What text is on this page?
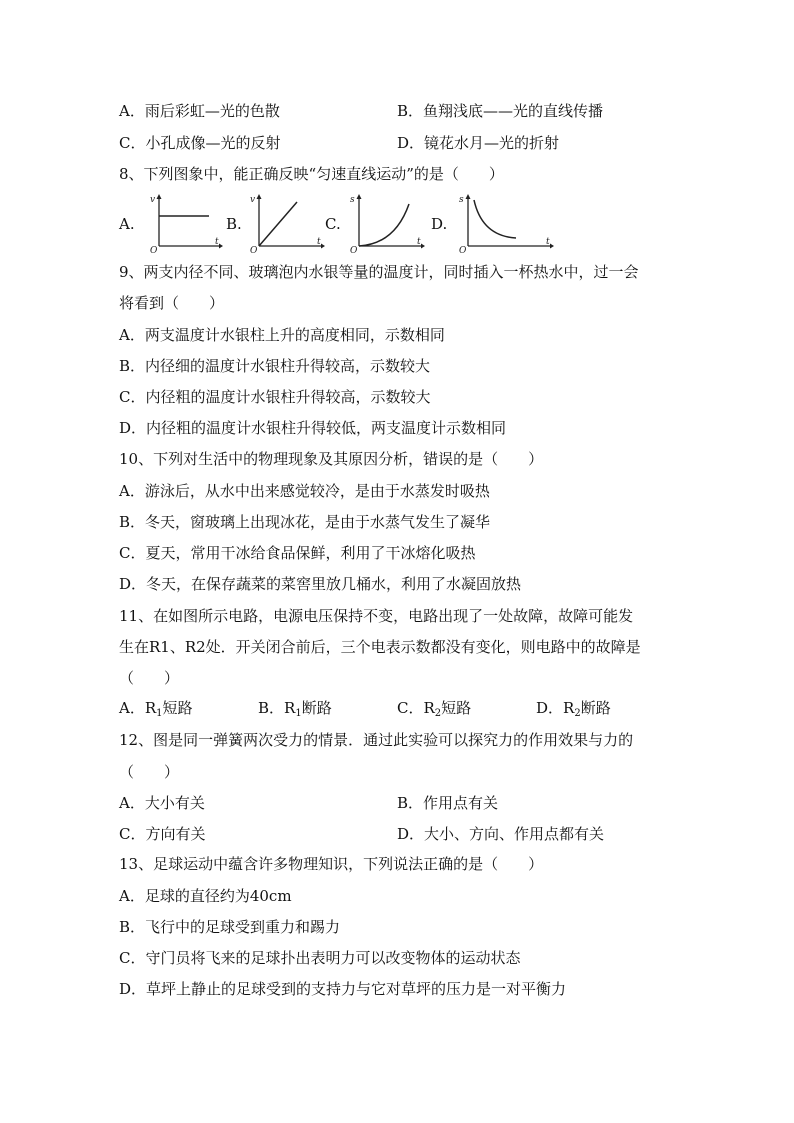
A．雨后彩虹—光的色散	B．鱼翔浅底——光的直线传播
C．小孔成像—光的反射	D．镜花水月—光的折射
8、下列图象中，能正确反映“匀速直线运动”的是（　　）
A.
v
t
O
B.
v
t
O
C.
s
t
O
D.
s
t
O
9、两支内径不同、玻璃泡内水银等量的温度计，同时插入一杯热水中，过一会
将看到（　　）
A．两支温度计水银柱上升的高度相同，示数相同
B．内径细的温度计水银柱升得较高，示数较大
C．内径粗的温度计水银柱升得较高，示数较大
D．内径粗的温度计水银柱升得较低，两支温度计示数相同
10、下列对生活中的物理现象及其原因分析，错误的是（　　）
A．游泳后，从水中出来感觉较冷，是由于水蒸发时吸热
B．冬天，窗玻璃上出现冰花，是由于水蒸气发生了凝华
C．夏天，常用干冰给食品保鲜，利用了干冰熔化吸热
D．冬天，在保存蔬菜的菜窖里放几桶水，利用了水凝固放热
11、在如图所示电路，电源电压保持不变，电路出现了一处故障，故障可能发
生在R1、R2处．开关闭合前后，三个电表示数都没有变化，则电路中的故障是
（　　）
A．$R_1$短路	B．$R_1$断路	C．$R_2$短路	D．$R_2$断路
12、图是同一弹簧两次受力的情景．通过此实验可以探究力的作用效果与力的
（　　）
A．大小有关	B．作用点有关
C．方向有关	D．大小、方向、作用点都有关
13、足球运动中蕴含许多物理知识，下列说法正确的是（　　）
A．足球的直径约为40cm
B．飞行中的足球受到重力和踢力
C．守门员将飞来的足球扑出表明力可以改变物体的运动状态
D．草坪上静止的足球受到的支持力与它对草坪的压力是一对平衡力
